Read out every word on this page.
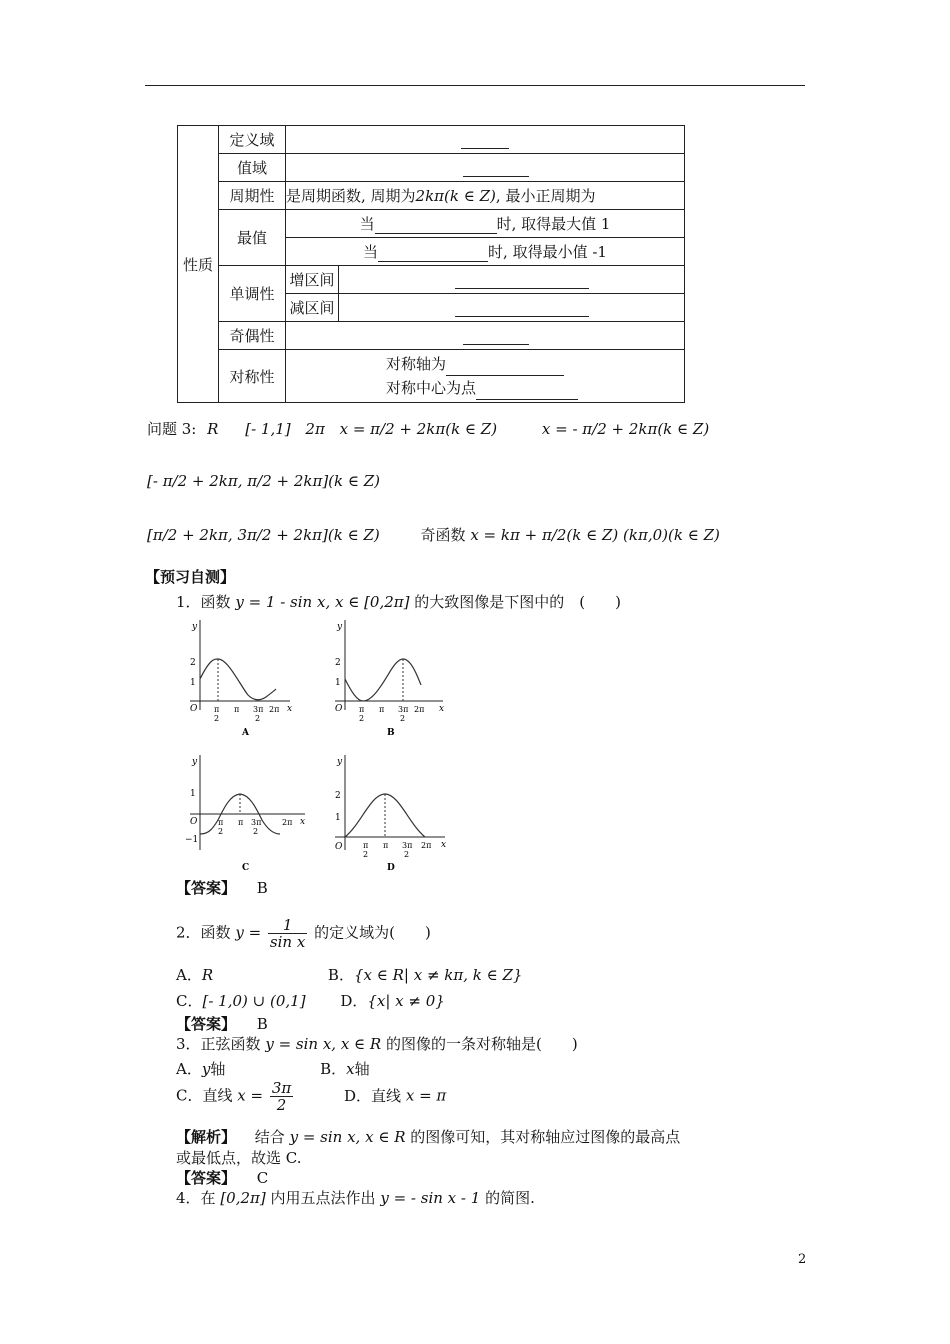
性质	定义域		
	值域		
	周期性	是周期函数, 周期为2kπ(k ∈ Z), 最小正周期为	
	最值	当 时, 取得最大值 1	
		当 时, 取得最小值 -1	
	单调性	增区间	
		减区间	
	奇偶性		
	对称性	对称轴为
对称中心为点	
问题 3: R [- 1,1] 2π x = π/2 + 2kπ(k ∈ Z)	x = - π/2 + 2kπ(k ∈ Z)
[- π/2 + 2kπ, π/2 + 2kπ](k ∈ Z)
[π/2 + 2kπ, 3π/2 + 2kπ](k ∈ Z)	奇函数 x = kπ + π/2(k ∈ Z) (kπ,0)(k ∈ Z)
【预习自测】
1．函数 y = 1 - sin x, x ∈ [0,2π] 的大致图像是下图中的　(　　)
y
x
2
1
O π
2
π 3π
2
2π
A
y
x
2
1
O π
2
π 3π
2
2π
B
y
x
1
O
−1
π
2
π 3π
2
2π
C
y
x
2
1
O	π
2
π 3π
2
2π
D
【答案】 B
2．函数 $y = \frac{1}{\text{sin x}}$ 的定义域为(　　)
A．R	B．{x ∈ R| x ≠ kπ, k ∈ Z}
C．[- 1,0) ∪ (0,1] D．{x| x ≠ 0}
【答案】 B
3．正弦函数 y = sin x, x ∈ R 的图像的一条对称轴是(　　)
A．y轴	B．x轴
C．直线 $x = \frac{3\pi}{2}$	D．直线 x = π
【解析】 结合 y = sin x, x ∈ R 的图像可知，其对称轴应过图像的最高点
或最低点，故选 C.
【答案】 C
4．在 [0,2π] 内用五点法作出 y = - sin x - 1 的简图.
2
